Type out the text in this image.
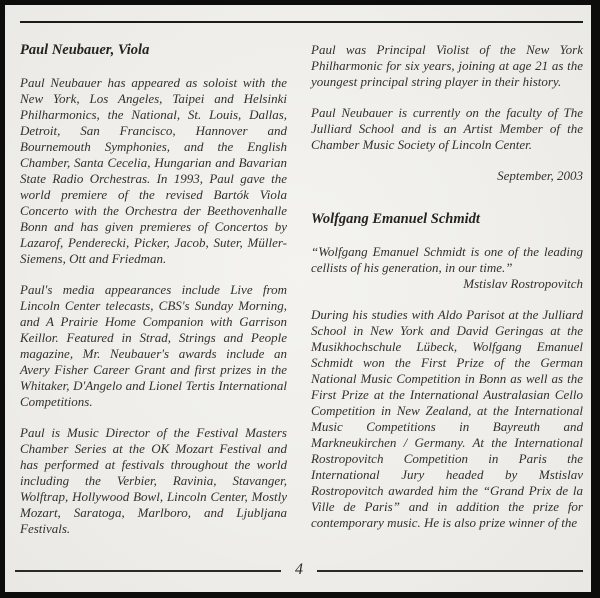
Paul Neubauer, Viola

Paul Neubauer has appeared as soloist with the New York, Los Angeles, Taipei and Helsinki Philharmonics, the National, St. Louis, Dallas, Detroit, San Francisco, Hannover and Bournemouth Symphonies, and the English Chamber, Santa Cecelia, Hungarian and Bavarian State Radio Orchestras. In 1993, Paul gave the world premiere of the revised Bartók Viola Concerto with the Orchestra der Beethovenhalle Bonn and has given premieres of Concertos by Lazarof, Penderecki, Picker, Jacob, Suter, Müller-Siemens, Ott and Friedman.

Paul's media appearances include Live from Lincoln Center telecasts, CBS's Sunday Morning, and A Prairie Home Companion with Garrison Keillor. Featured in Strad, Strings and People magazine, Mr. Neubauer's awards include an Avery Fisher Career Grant and first prizes in the Whitaker, D'Angelo and Lionel Tertis International Competitions.

Paul is Music Director of the Festival Masters Chamber Series at the OK Mozart Festival and has performed at festivals throughout the world including the Verbier, Ravinia, Stavanger, Wolftrap, Hollywood Bowl, Lincoln Center, Mostly Mozart, Saratoga, Marlboro, and Ljubljana Festivals.

Paul was Principal Violist of the New York Philharmonic for six years, joining at age 21 as the youngest principal string player in their history.

Paul Neubauer is currently on the faculty of The Julliard School and is an Artist Member of the Chamber Music Society of Lincoln Center.

September, 2003

Wolfgang Emanuel Schmidt

“Wolfgang Emanuel Schmidt is one of the leading cellists of his generation, in our time.”

Mstislav Rostropovitch

During his studies with Aldo Parisot at the Julliard School in New York and David Geringas at the Musikhochschule Lübeck, Wolfgang Emanuel Schmidt won the First Prize of the German National Music Competition in Bonn as well as the First Prize at the International Australasian Cello Competition in New Zealand, at the International Music Competitions in Bayreuth and Markneukirchen / Germany. At the International Rostropovitch Competition in Paris the International Jury headed by Mstislav Rostropovitch awarded him the “Grand Prix de la Ville de Paris” and in addition the prize for contemporary music. He is also prize winner of the

4
